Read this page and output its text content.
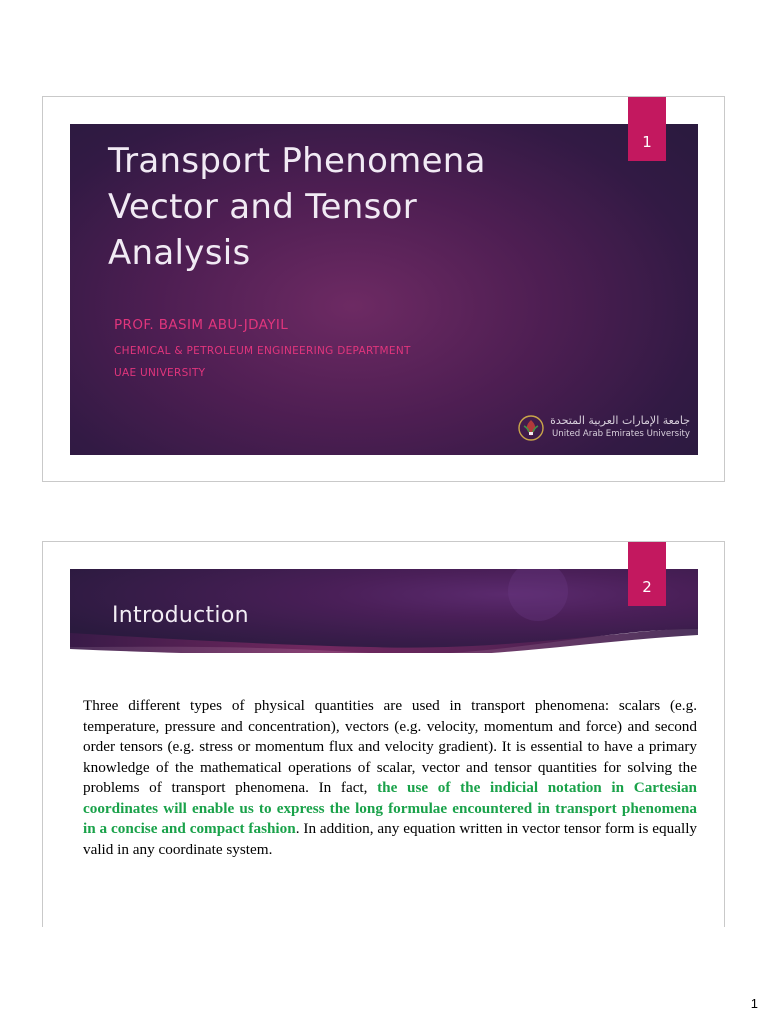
Transport Phenomena
Vector and Tensor
Analysis
PROF. BASIM ABU-JDAYIL
CHEMICAL & PETROLEUM ENGINEERING DEPARTMENT
UAE UNIVERSITY
جامعة الإمارات العربية المتحدة
United Arab Emirates University
1
Introduction
2

Three different types of physical quantities are used in transport phenomena: scalars (e.g. temperature, pressure and concentration), vectors (e.g. velocity, momentum and force) and second order tensors (e.g. stress or momentum flux and velocity gradient). It is essential to have a primary knowledge of the mathematical operations of scalar, vector and tensor quantities for solving the problems of transport phenomena. In fact, the use of the indicial notation in Cartesian coordinates will enable us to express the long formulae encountered in transport phenomena in a concise and compact fashion. In addition, any equation written in vector tensor form is equally valid in any coordinate system.

1
